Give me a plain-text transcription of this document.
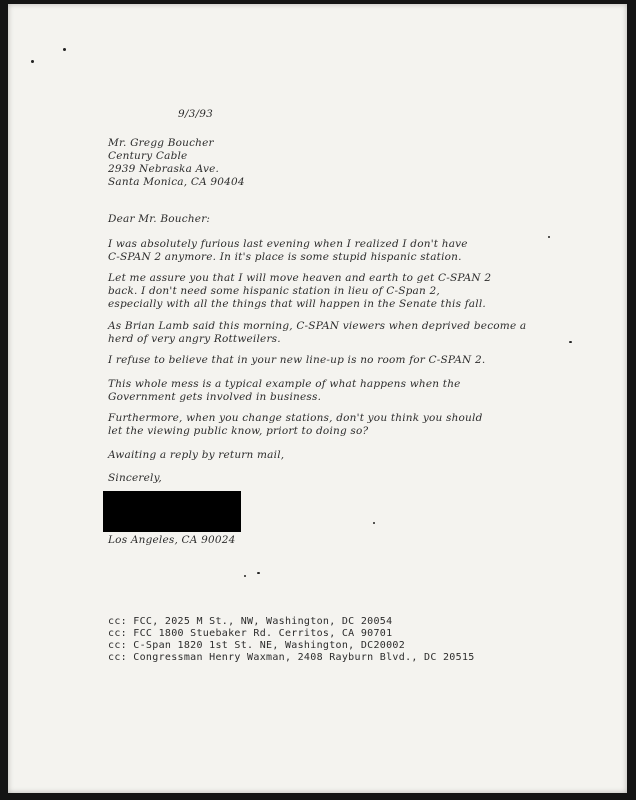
9/3/93

Mr. Gregg Boucher

Century Cable

2939 Nebraska Ave.

Santa Monica, CA 90404

Dear Mr. Boucher:

I was absolutely furious last evening when I realized I don't have

C-SPAN 2 anymore. In it's place is some stupid hispanic station.

Let me assure you that I will move heaven and earth to get C-SPAN 2

back. I don't need some hispanic station in lieu of C-Span 2,

especially with all the things that will happen in the Senate this fall.

As Brian Lamb said this morning, C-SPAN viewers when deprived become a

herd of very angry Rottweilers.

I refuse to believe that in your new line-up is no room for C-SPAN 2.

This whole mess is a typical example of what happens when the

Government gets involved in business.

Furthermore, when you change stations, don't you think you should

let the viewing public know, priort to doing so?

Awaiting a reply by return mail,

Sincerely,

Los Angeles, CA 90024

cc: FCC, 2025 M St., NW, Washington, DC 20054

cc: FCC 1800 Stuebaker Rd. Cerritos, CA 90701

cc: C-Span 1820 1st St. NE, Washington, DC20002

cc: Congressman Henry Waxman, 2408 Rayburn Blvd., DC 20515
